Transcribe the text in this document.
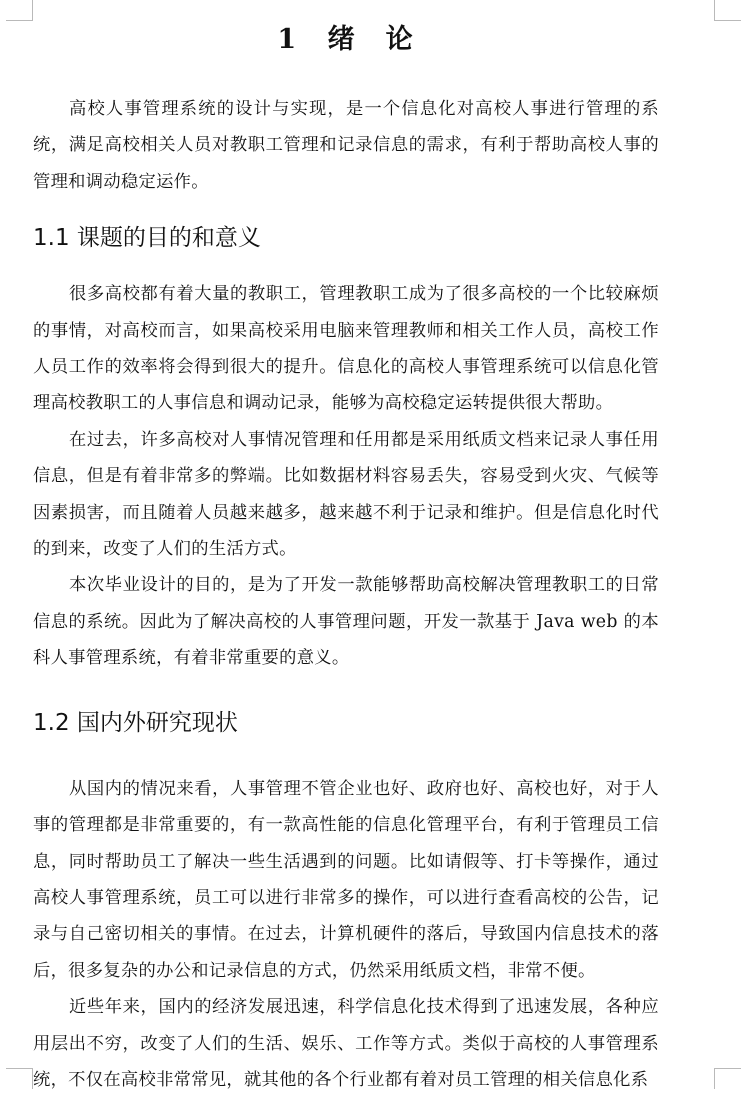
1 绪　论

高校人事管理系统的设计与实现，是一个信息化对高校人事进行管理的系统，满足高校相关人员对教职工管理和记录信息的需求，有利于帮助高校人事的管理和调动稳定运作。

1.1 课题的目的和意义

很多高校都有着大量的教职工，管理教职工成为了很多高校的一个比较麻烦的事情，对高校而言，如果高校采用电脑来管理教师和相关工作人员，高校工作人员工作的效率将会得到很大的提升。信息化的高校人事管理系统可以信息化管理高校教职工的人事信息和调动记录，能够为高校稳定运转提供很大帮助。

在过去，许多高校对人事情况管理和任用都是采用纸质文档来记录人事任用信息，但是有着非常多的弊端。比如数据材料容易丢失，容易受到火灾、气候等因素损害，而且随着人员越来越多，越来越不利于记录和维护。但是信息化时代的到来，改变了人们的生活方式。

本次毕业设计的目的，是为了开发一款能够帮助高校解决管理教职工的日常信息的系统。因此为了解决高校的人事管理问题，开发一款基于 Java web 的本科人事管理系统，有着非常重要的意义。

1.2 国内外研究现状

从国内的情况来看，人事管理不管企业也好、政府也好、高校也好，对于人事的管理都是非常重要的，有一款高性能的信息化管理平台，有利于管理员工信息，同时帮助员工了解决一些生活遇到的问题。比如请假等、打卡等操作，通过高校人事管理系统，员工可以进行非常多的操作，可以进行查看高校的公告，记录与自己密切相关的事情。在过去，计算机硬件的落后，导致国内信息技术的落后，很多复杂的办公和记录信息的方式，仍然采用纸质文档，非常不便。

近些年来，国内的经济发展迅速，科学信息化技术得到了迅速发展，各种应用层出不穷，改变了人们的生活、娱乐、工作等方式。类似于高校的人事管理系统，不仅在高校非常常见，就其他的各个行业都有着对员工管理的相关信息化系
